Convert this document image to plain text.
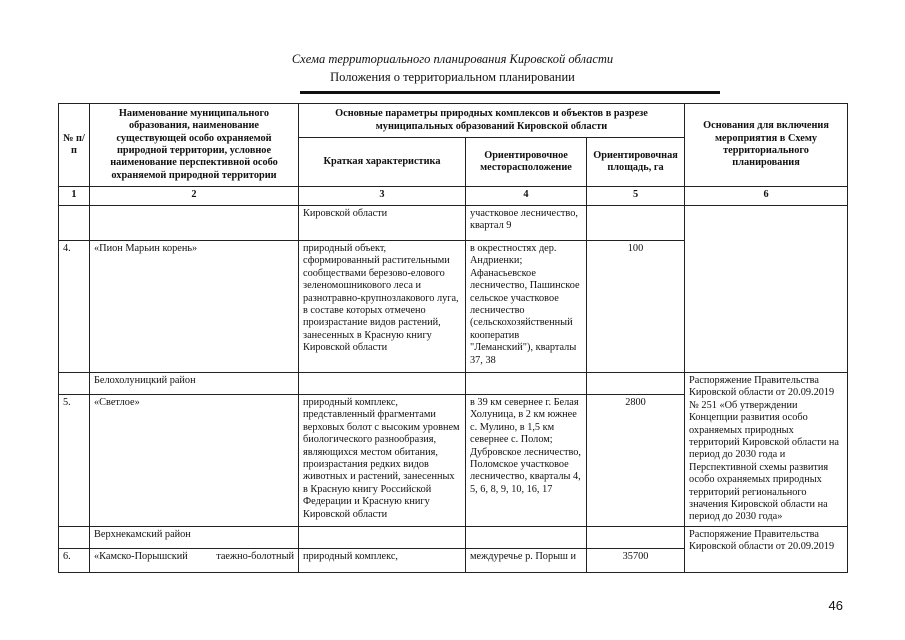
Схема территориального планирования Кировской области
Положения о территориальном планировании
№ п/п	Наименование муниципального образования, наименование существующей особо охраняемой природной территории, условное наименование перспективной особо охраняемой природной территории	Основные параметры природных комплексов и объектов в разрезе муниципальных образований Кировской области			Основания для включения мероприятия в Схему территориального планирования
		Краткая характеристика	Ориентировочное месторасположение	Ориентировочная площадь, га	
1	2	3	4	5	6
		Кировской области	участковое лесничество, квартал 9		
4.	«Пион Марьин корень»	природный объект, сформированный растительными сообществами березово-елового зеленомошникового леса и разнотравно-крупнозлакового луга, в составе которых отмечено произрастание видов растений, занесенных в Красную книгу Кировской области	в окрестностях дер. Андриенки; Афанасьевское лесничество, Пашинское сельское участковое лесничество (сельскохозяйственный кооператив "Леманский"), кварталы 37, 38	100	
	Белохолуницкий район				Распоряжение Правительства Кировской области от 20.09.2019 № 251 «Об утверждении Концепции развития особо охраняемых природных территорий Кировской области на период до 2030 года и Перспективной схемы развития особо охраняемых природных территорий регионального значения Кировской области на период до 2030 года»
5.	«Светлое»	природный комплекс, представленный фрагментами верховых болот с высоким уровнем биологического разнообразия, являющихся местом обитания, произрастания редких видов животных и растений, занесенных в Красную книгу Российской Федерации и Красную книгу Кировской области	в 39 км севернее г. Белая Холуница, в 2 км южнее с. Мулино, в 1,5 км севернее с. Полом; Дубровское лесничество, Поломское участковое лесничество, кварталы 4, 5, 6, 8, 9, 10, 16, 17	2800	
	Верхнекамский район				Распоряжение Правительства Кировской области от 20.09.2019
6.	«Камско-Порышский таежно-болотный	природный комплекс,	междуречье р. Порыш и	35700	
46
